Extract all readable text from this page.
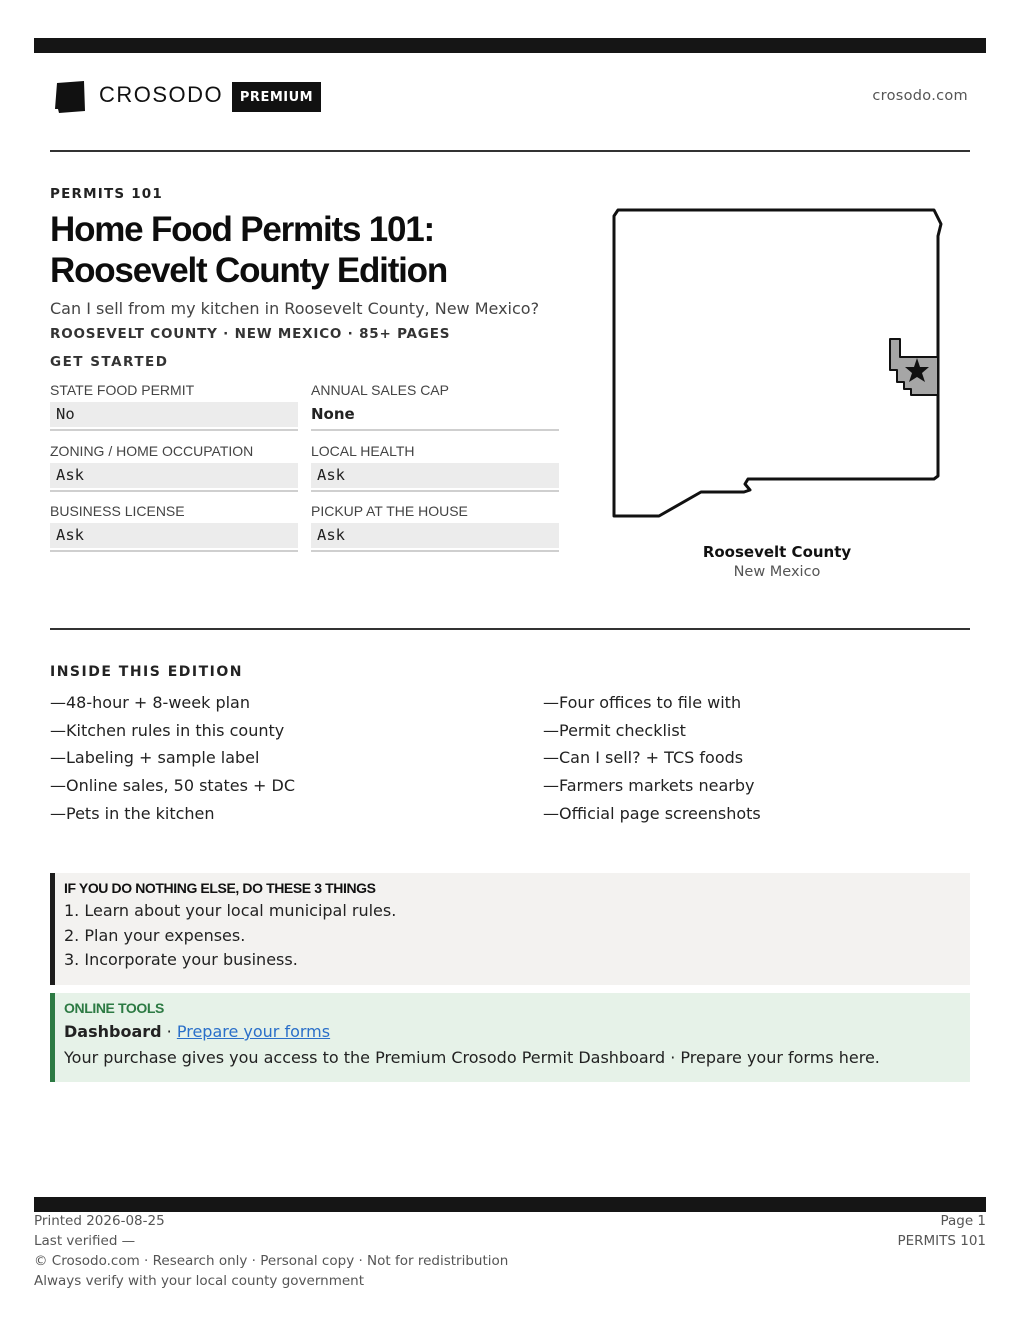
CROSODO	PREMIUM	crosodo.com
PERMITS 101
Home Food Permits 101:
Roosevelt County Edition
Can I sell from my kitchen in Roosevelt County, New Mexico?
ROOSEVELT COUNTY · NEW MEXICO · 85+ PAGES
GET STARTED
STATE FOOD PERMIT
No
ANNUAL SALES CAP
None
ZONING / HOME OCCUPATION
Ask
LOCAL HEALTH
Ask
BUSINESS LICENSE
Ask
PICKUP AT THE HOUSE
Ask
Roosevelt County
New Mexico
INSIDE THIS EDITION
—48-hour + 8-week plan
—Kitchen rules in this county
—Labeling + sample label
—Online sales, 50 states + DC
—Pets in the kitchen
—Four offices to file with
—Permit checklist
—Can I sell? + TCS foods
—Farmers markets nearby
—Official page screenshots
IF YOU DO NOTHING ELSE, DO THESE 3 THINGS
1. Learn about your local municipal rules.
2. Plan your expenses.
3. Incorporate your business.
ONLINE TOOLS
Dashboard · Prepare your forms
Your purchase gives you access to the Premium Crosodo Permit Dashboard · Prepare your forms here.
Printed 2026-08-25
Last verified —
© Crosodo.com · Research only · Personal copy · Not for redistribution
Always verify with your local county government
Page 1
PERMITS 101
